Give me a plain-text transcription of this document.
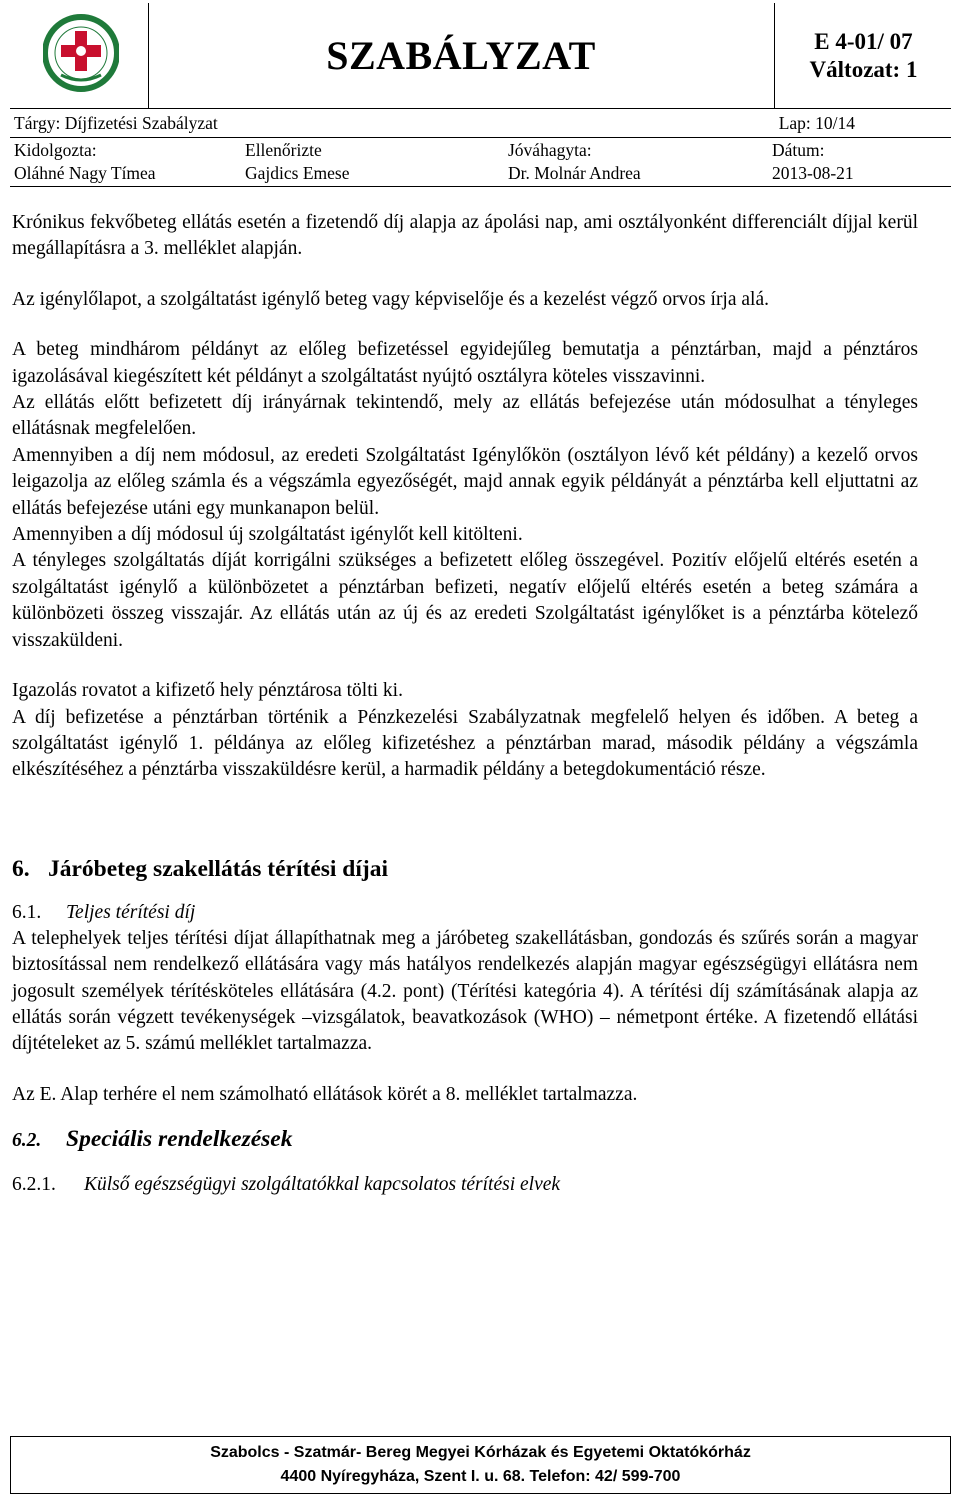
SZABÁLYZAT	E 4-01/ 07
Változat: 1
Tárgy: Díjfizetési Szabályzat	Lap: 10/14
Kidolgozta:
Oláhné Nagy Tímea
Ellenőrizte
Gajdics Emese
Jóváhagyta:
Dr. Molnár Andrea
Dátum:
2013-08-21

Krónikus fekvőbeteg ellátás esetén a fizetendő díj alapja az ápolási nap, ami osztályonként differenciált díjjal kerül megállapításra a 3. melléklet alapján.

Az igénylőlapot, a szolgáltatást igénylő beteg vagy képviselője és a kezelést végző orvos írja alá.

A beteg mindhárom példányt az előleg befizetéssel egyidejűleg bemutatja a pénztárban, majd a pénztáros igazolásával kiegészített két példányt a szolgáltatást nyújtó osztályra köteles visszavinni.

Az ellátás előtt befizetett díj irányárnak tekintendő, mely az ellátás befejezése után módosulhat a tényleges ellátásnak megfelelően.

Amennyiben a díj nem módosul, az eredeti Szolgáltatást Igénylőkön (osztályon lévő két példány) a kezelő orvos leigazolja az előleg számla és a végszámla egyezőségét, majd annak egyik példányát a pénztárba kell eljuttatni az ellátás befejezése utáni egy munkanapon belül.

Amennyiben a díj módosul új szolgáltatást igénylőt kell kitölteni.

A tényleges szolgáltatás díját korrigálni szükséges a befizetett előleg összegével. Pozitív előjelű eltérés esetén a szolgáltatást igénylő a különbözetet a pénztárban befizeti, negatív előjelű eltérés esetén a beteg számára a különbözeti összeg visszajár. Az ellátás után az új és az eredeti Szolgáltatást igénylőket is a pénztárba kötelező visszaküldeni.

Igazolás rovatot a kifizető hely pénztárosa tölti ki.

A díj befizetése a pénztárban történik a Pénzkezelési Szabályzatnak megfelelő helyen és időben. A beteg a szolgáltatást igénylő 1. példánya az előleg kifizetéshez a pénztárban marad, második példány a végszámla elkészítéséhez a pénztárba visszaküldésre kerül, a harmadik példány a betegdokumentáció része.

6. Járóbeteg szakellátás térítési díjai
6.1. Teljes térítési díj

A telephelyek teljes térítési díjat állapíthatnak meg a járóbeteg szakellátásban, gondozás és szűrés során a magyar biztosítással nem rendelkező ellátására vagy más hatályos rendelkezés alapján magyar egészségügyi ellátásra nem jogosult személyek térítésköteles ellátására (4.2. pont) (Térítési kategória 4). A térítési díj számításának alapja az ellátás során végzett tevékenységek –vizsgálatok, beavatkozások (WHO) – németpont értéke. A fizetendő ellátási díjtételeket az 5. számú melléklet tartalmazza.

Az E. Alap terhére el nem számolható ellátások körét a 8. melléklet tartalmazza.

6.2. Speciális rendelkezések
6.2.1. Külső egészségügyi szolgáltatókkal kapcsolatos térítési elvek
Szabolcs - Szatmár- Bereg Megyei Kórházak és Egyetemi Oktatókórház
4400 Nyíregyháza, Szent I. u. 68. Telefon: 42/ 599-700
